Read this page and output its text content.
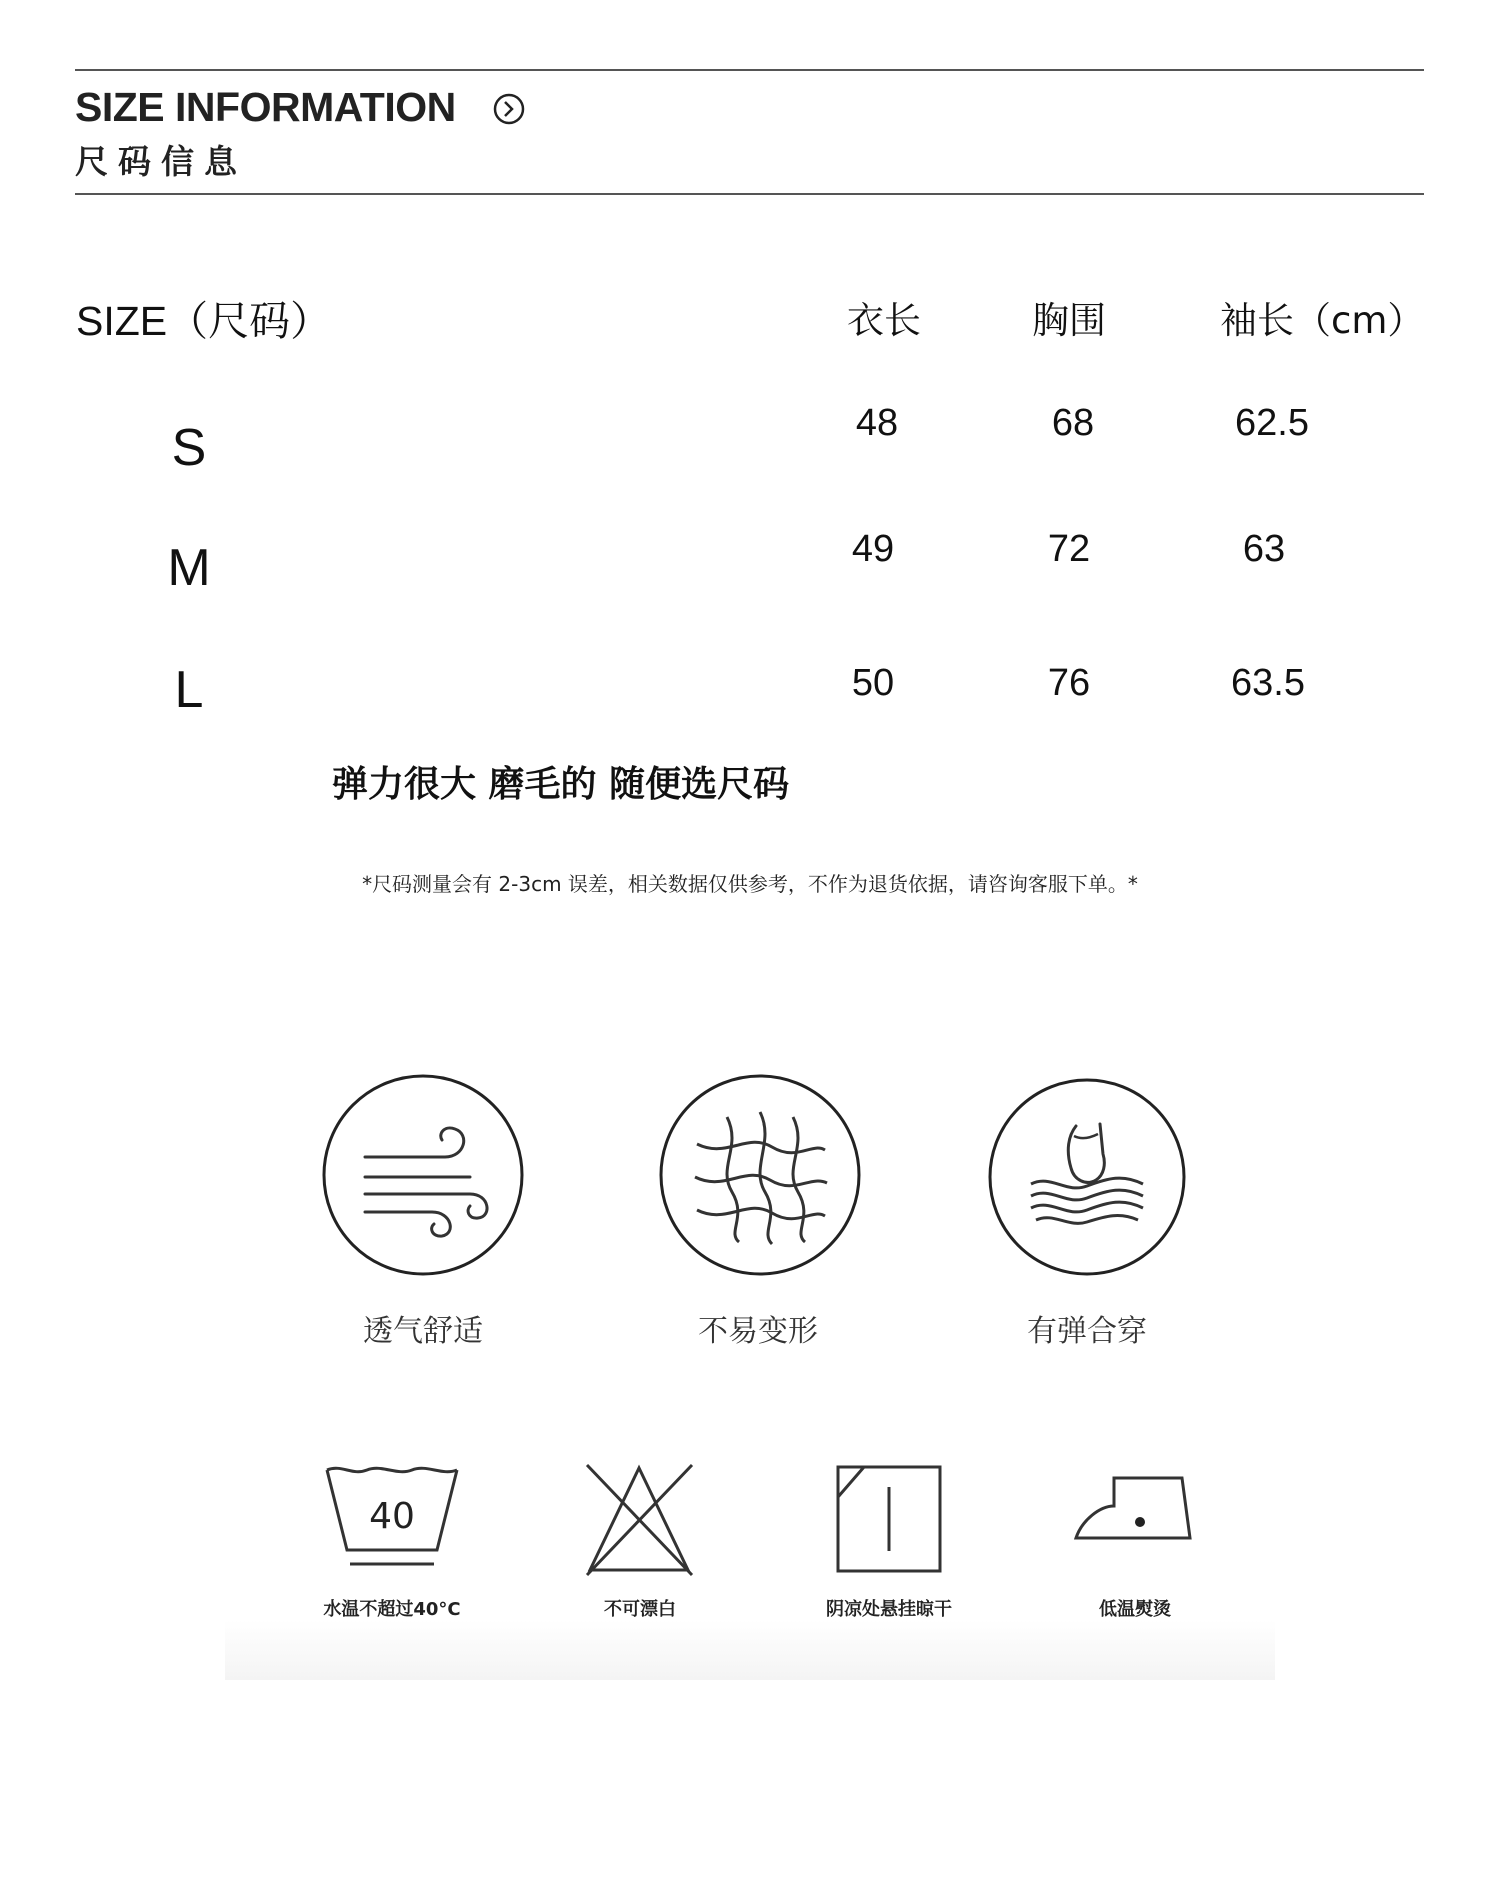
SIZE INFORMATION
尺码信息
SIZE（尺码）	衣长	胸围	袖长（cm）
S	48	68	62.5
M	49	72	63
L	50	76	63.5
弹力很大 磨毛的 随便选尺码
*尺码测量会有 2-3cm 误差，相关数据仅供参考，不作为退货依据，请咨询客服下单。*
透气舒适	不易变形	有弹合穿
40
水温不超过40°C	不可漂白	阴凉处悬挂晾干	低温熨烫
